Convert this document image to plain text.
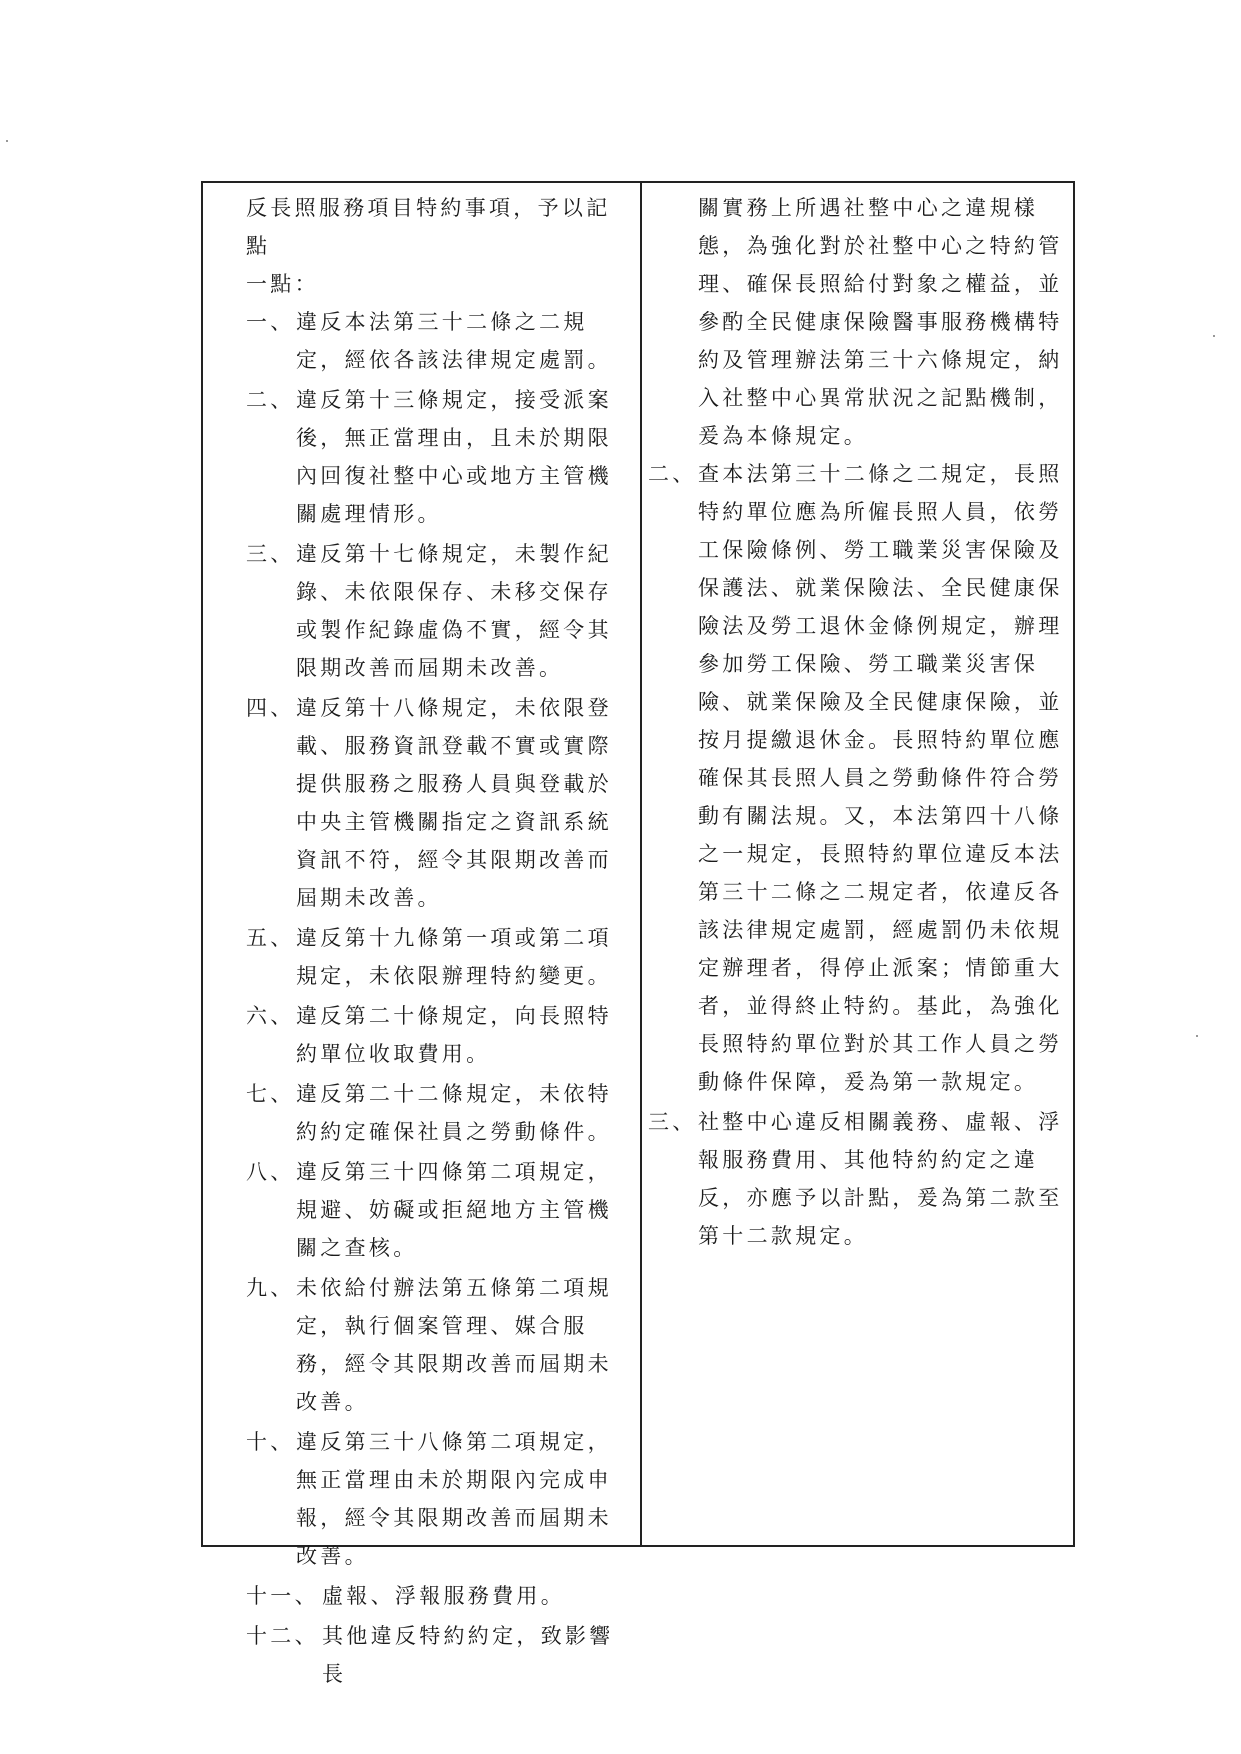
反長照服務項目特約事項，予以記點

一點：

一、 違反本法第三十二條之二規定，經依各該法律規定處罰。
二、 違反第十三條規定，接受派案後，無正當理由，且未於期限內回復社整中心或地方主管機關處理情形。
三、 違反第十七條規定，未製作紀錄、未依限保存、未移交保存或製作紀錄虛偽不實，經令其限期改善而屆期未改善。
四、 違反第十八條規定，未依限登載、服務資訊登載不實或實際提供服務之服務人員與登載於中央主管機關指定之資訊系統資訊不符，經令其限期改善而屆期未改善。
五、 違反第十九條第一項或第二項規定，未依限辦理特約變更。
六、 違反第二十條規定，向長照特約單位收取費用。
七、 違反第二十二條規定，未依特約約定確保社員之勞動條件。
八、 違反第三十四條第二項規定，規避、妨礙或拒絕地方主管機關之查核。
九、 未依給付辦法第五條第二項規定，執行個案管理、媒合服務，經令其限期改善而屆期未改善。
十、 違反第三十八條第二項規定，無正當理由未於期限內完成申報，經令其限期改善而屆期未改善。
十一、 虛報、浮報服務費用。
十二、 其他違反特約約定，致影響長

關實務上所遇社整中心之違規樣態，為強化對於社整中心之特約管理、確保長照給付對象之權益，並參酌全民健康保險醫事服務機構特約及管理辦法第三十六條規定，納入社整中心異常狀況之記點機制，爰為本條規定。

二、 查本法第三十二條之二規定，長照特約單位應為所僱長照人員，依勞工保險條例、勞工職業災害保險及保護法、就業保險法、全民健康保險法及勞工退休金條例規定，辦理參加勞工保險、勞工職業災害保險、就業保險及全民健康保險，並按月提繳退休金。長照特約單位應確保其長照人員之勞動條件符合勞動有關法規。又，本法第四十八條之一規定，長照特約單位違反本法第三十二條之二規定者，依違反各該法律規定處罰，經處罰仍未依規定辦理者，得停止派案；情節重大者，並得終止特約。基此，為強化長照特約單位對於其工作人員之勞動條件保障，爰為第一款規定。
三、 社整中心違反相關義務、虛報、浮報服務費用、其他特約約定之違反，亦應予以計點，爰為第二款至第十二款規定。
